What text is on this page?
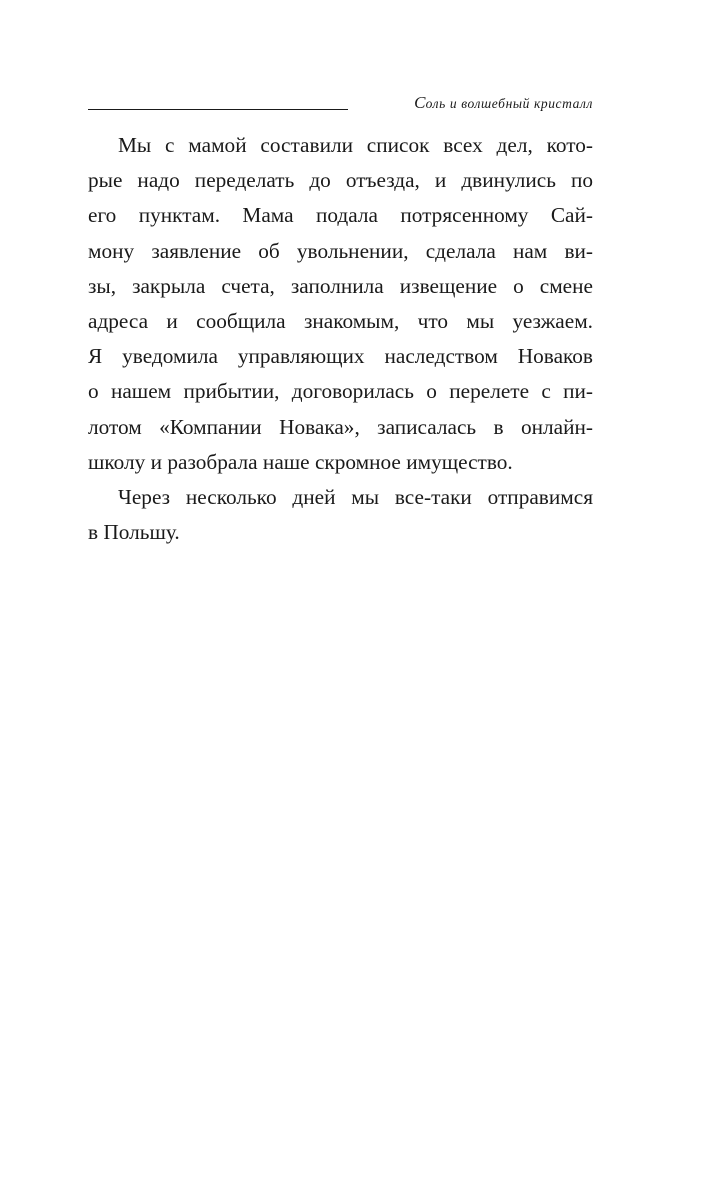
Соль и волшебный кристалл
Мы с мамой составили список всех дел, кото-
рые надо переделать до отъезда, и двинулись по
его пунктам. Мама подала потрясенному Сай-
мону заявление об увольнении, сделала нам ви-
зы, закрыла счета, заполнила извещение о смене
адреса и сообщила знакомым, что мы уезжаем.
Я уведомила управляющих наследством Новаков
о нашем прибытии, договорилась о перелете с пи-
лотом «Компании Новака», записалась в онлайн-
школу и разобрала наше скромное имущество.
Через несколько дней мы все-таки отправимся
в Польшу.
